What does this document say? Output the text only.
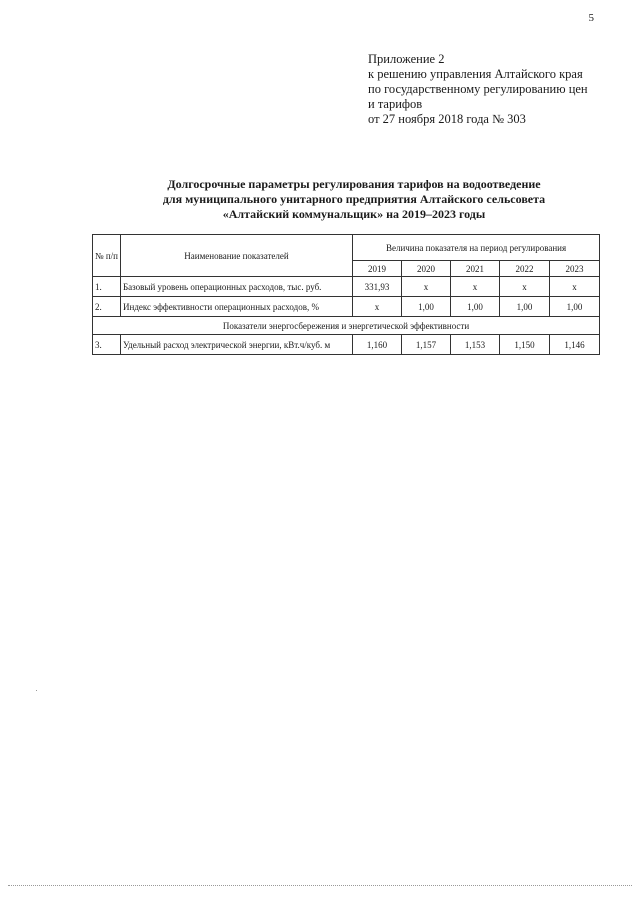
5
Приложение 2
к решению управления Алтайского края
по государственному регулированию цен
и тарифов
от 27 ноября 2018 года № 303
Долгосрочные параметры регулирования тарифов на водоотведение
для муниципального унитарного предприятия Алтайского сельсовета
«Алтайский коммунальщик» на 2019–2023 годы
№ п/п	Наименование показателей	Величина показателя на период регулирования				
		2019	2020	2021	2022	2023
1.	Базовый уровень операционных расходов, тыс. руб.	331,93	х	х	х	х
2.	Индекс эффективности операционных расходов, %	х	1,00	1,00	1,00	1,00
Показатели энергосбережения и энергетической эффективности						
3.	Удельный расход электрической энергии, кВт.ч/куб. м	1,160	1,157	1,153	1,150	1,146
